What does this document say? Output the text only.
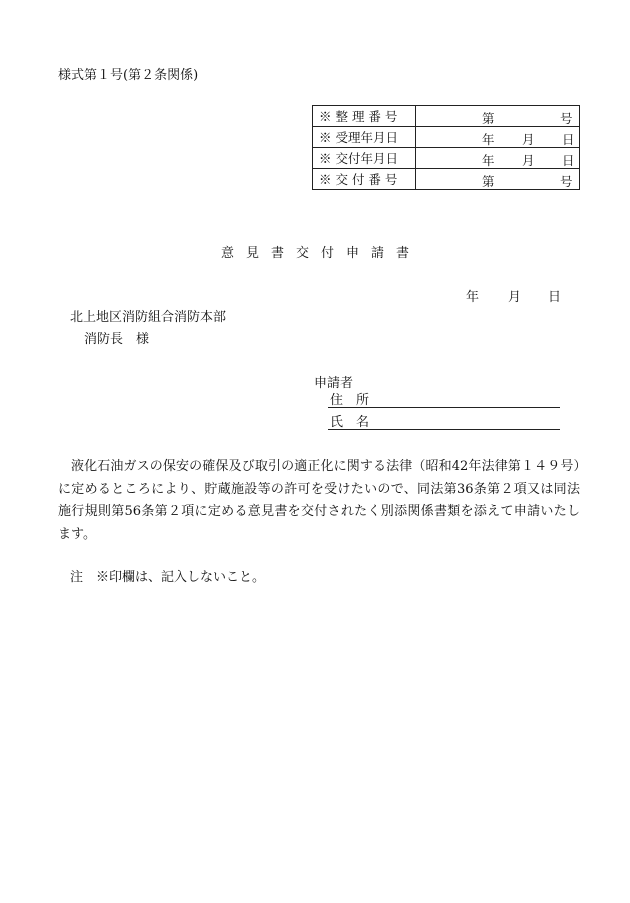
様式第１号(第２条関係)
※ 整 理 番 号	第 号

※ 受理年月日	年 月 日

※ 交付年月日	年 月 日

※ 交 付 番 号	第 号
意 見 書 交 付 申 請 書
年 月 日
北上地区消防組合消防本部
消防長　様
申請者
住　所
氏　名
液化石油ガスの保安の確保及び取引の適正化に関する法律（昭和42年法律第１４９号）に定めるところにより、貯蔵施設等の許可を受けたいので、同法第36条第２項又は同法施行規則第56条第２項に定める意見書を交付されたく別添関係書類を添えて申請いたします。
注　※印欄は、記入しないこと。
